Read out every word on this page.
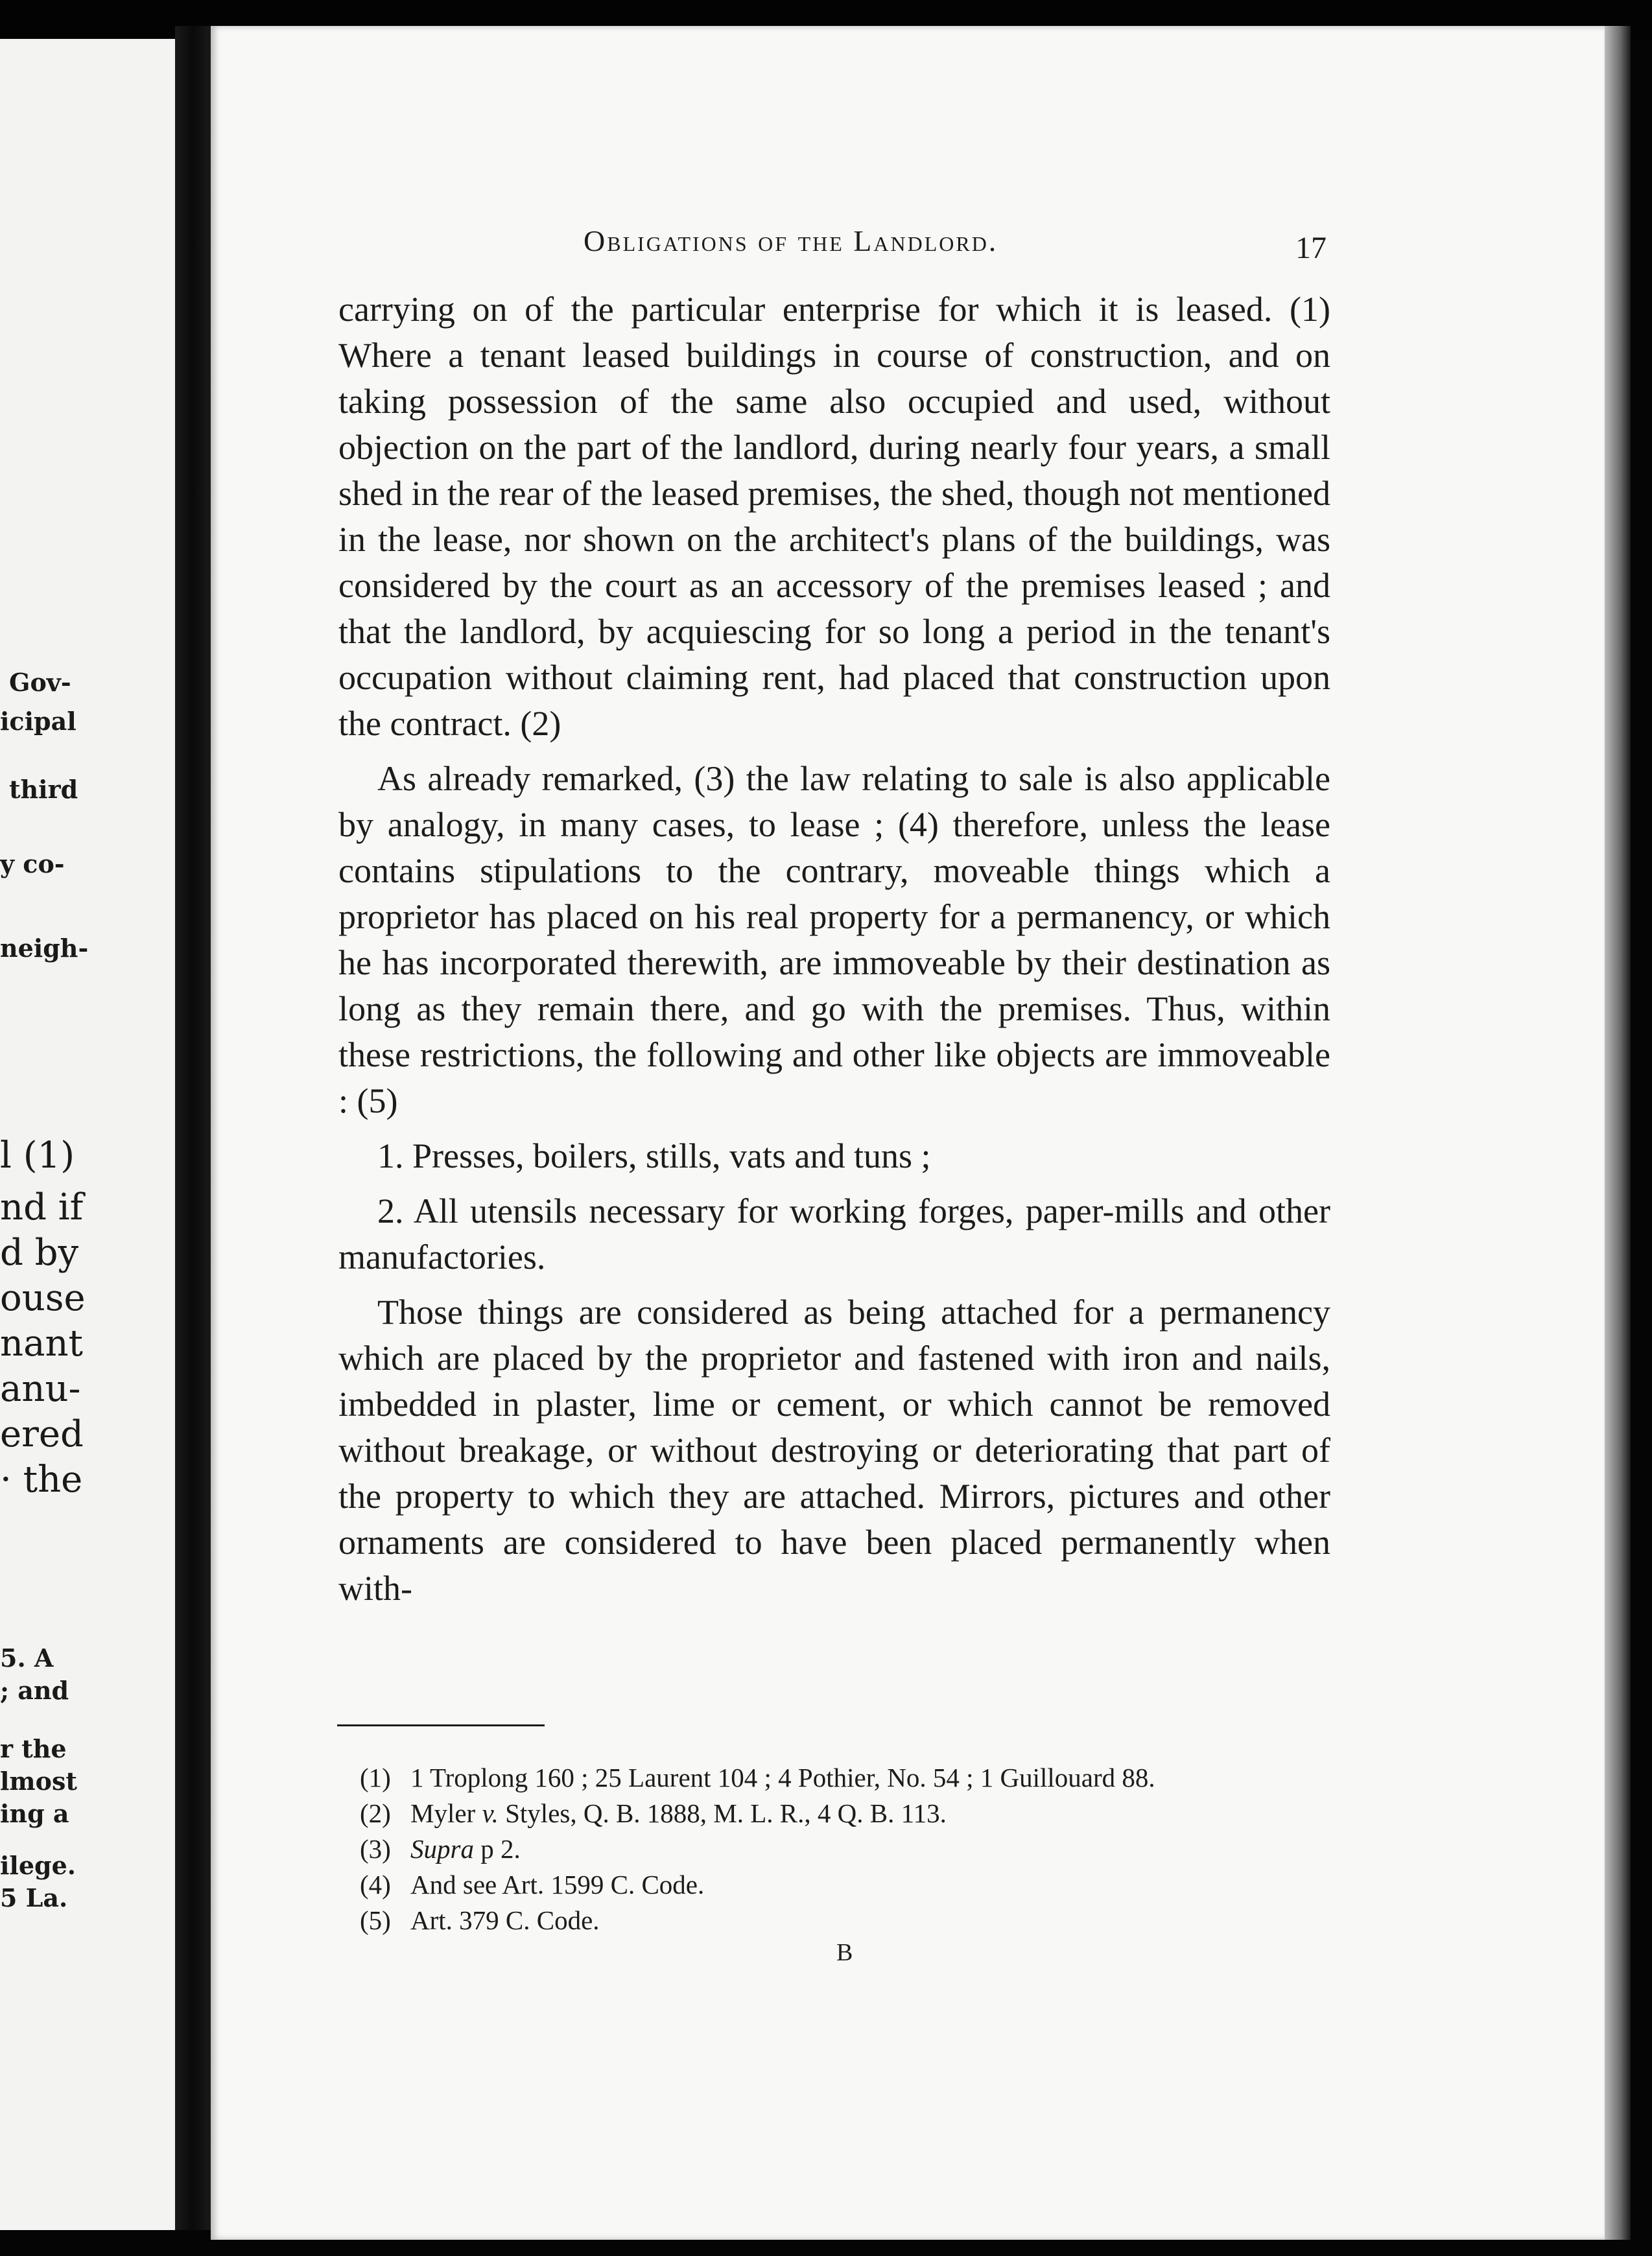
Gov-
icipal
third
y co-
neigh-
l (1)
nd if
d by
ouse
nant
anu-
ered
· the
5. A
; and
r the
lmost
ing a
ilege.
5 La.
Obligations of the Landlord.	17

carrying on of the particular enterprise for which it is leased. (1) Where a tenant leased buildings in course of construction, and on taking possession of the same also occupied and used, without objection on the part of the landlord, during nearly four years, a small shed in the rear of the leased premises, the shed, though not mentioned in the lease, nor shown on the architect's plans of the buildings, was considered by the court as an accessory of the premises leased ; and that the landlord, by acquiescing for so long a period in the tenant's occupation without claiming rent, had placed that construction upon the contract. (2)

As already remarked, (3) the law relating to sale is also applicable by analogy, in many cases, to lease ; (4) therefore, unless the lease contains stipulations to the contrary, moveable things which a proprietor has placed on his real property for a permanency, or which he has incorporated therewith, are immoveable by their destination as long as they remain there, and go with the premises. Thus, within these restrictions, the following and other like objects are immoveable : (5)

1. Presses, boilers, stills, vats and tuns ;

2. All utensils necessary for working forges, paper-mills and other manufactories.

Those things are considered as being attached for a permanency which are placed by the proprietor and fastened with iron and nails, imbedded in plaster, lime or cement, or which cannot be removed without breakage, or without destroying or deteriorating that part of the property to which they are attached. Mirrors, pictures and other ornaments are considered to have been placed permanently when with-

(1) 1 Troplong 160 ; 25 Laurent 104 ; 4 Pothier, No. 54 ; 1 Guillouard 88.
(2) Myler v. Styles, Q. B. 1888, M. L. R., 4 Q. B. 113.
(3) Supra p 2.
(4) And see Art. 1599 C. Code.
(5) Art. 379 C. Code.
B
